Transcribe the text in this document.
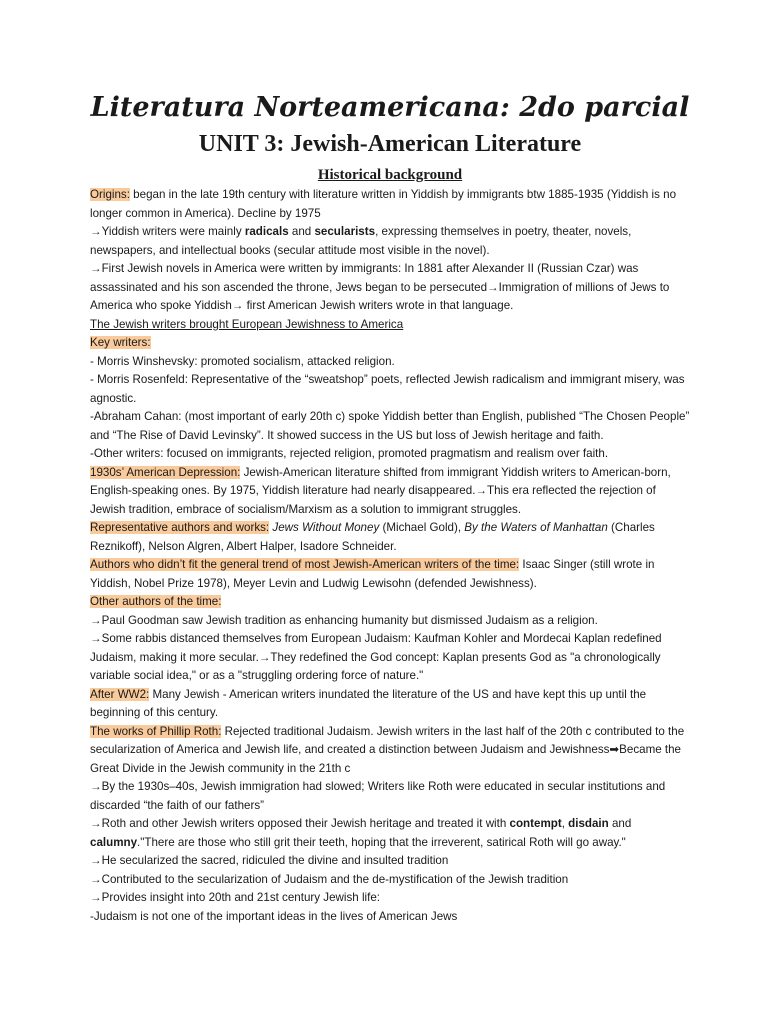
Literatura Norteamericana: 2do parcial
UNIT 3: Jewish-American Literature
Historical background

Origins: began in the late 19th century with literature written in Yiddish by immigrants btw 1885-1935 (Yiddish is no longer common in America). Decline by 1975

→Yiddish writers were mainly radicals and secularists, expressing themselves in poetry, theater, novels, newspapers, and intellectual books (secular attitude most visible in the novel).

→First Jewish novels in America were written by immigrants: In 1881 after Alexander II (Russian Czar) was assassinated and his son ascended the throne, Jews began to be persecuted→Immigration of millions of Jews to America who spoke Yiddish→ first American Jewish writers wrote in that language.

The Jewish writers brought European Jewishness to America

Key writers:

- Morris Winshevsky: promoted socialism, attacked religion.

- Morris Rosenfeld: Representative of the “sweatshop” poets, reflected Jewish radicalism and immigrant misery, was agnostic.

-Abraham Cahan: (most important of early 20th c) spoke Yiddish better than English, published “The Chosen People” and “The Rise of David Levinsky”. It showed success in the US but loss of Jewish heritage and faith.

-Other writers: focused on immigrants, rejected religion, promoted pragmatism and realism over faith.

1930s’ American Depression: Jewish-American literature shifted from immigrant Yiddish writers to American-born, English-speaking ones. By 1975, Yiddish literature had nearly disappeared.→This era reflected the rejection of Jewish tradition, embrace of socialism/Marxism as a solution to immigrant struggles.

Representative authors and works: Jews Without Money (Michael Gold), By the Waters of Manhattan (Charles Reznikoff), Nelson Algren, Albert Halper, Isadore Schneider.

Authors who didn’t fit the general trend of most Jewish-American writers of the time: Isaac Singer (still wrote in Yiddish, Nobel Prize 1978), Meyer Levin and Ludwig Lewisohn (defended Jewishness).

Other authors of the time:

→Paul Goodman saw Jewish tradition as enhancing humanity but dismissed Judaism as a religion.

→Some rabbis distanced themselves from European Judaism: Kaufman Kohler and Mordecai Kaplan redefined Judaism, making it more secular.→They redefined the God concept: Kaplan presents God as "a chronologically variable social idea," or as a "struggling ordering force of nature."

After WW2: Many Jewish - American writers inundated the literature of the US and have kept this up until the beginning of this century.

The works of Phillip Roth: Rejected traditional Judaism. Jewish writers in the last half of the 20th c contributed to the secularization of America and Jewish life, and created a distinction between Judaism and Jewishness➡Became the Great Divide in the Jewish community in the 21th c

→By the 1930s–40s, Jewish immigration had slowed; Writers like Roth were educated in secular institutions and discarded “the faith of our fathers”

→Roth and other Jewish writers opposed their Jewish heritage and treated it with contempt, disdain and calumny."There are those who still grit their teeth, hoping that the irreverent, satirical Roth will go away."

→He secularized the sacred, ridiculed the divine and insulted tradition

→Contributed to the secularization of Judaism and the de-mystification of the Jewish tradition

→Provides insight into 20th and 21st century Jewish life:

-Judaism is not one of the important ideas in the lives of American Jews
